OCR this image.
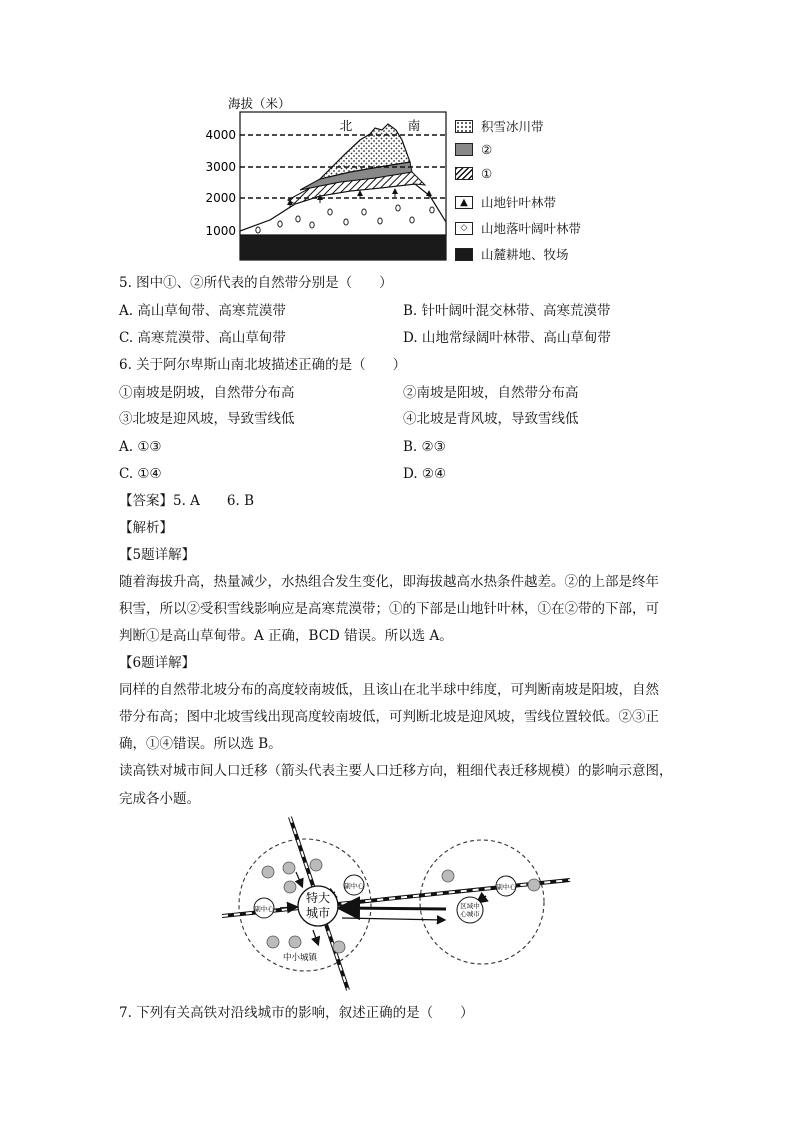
海拔（米）
4000
3000
2000
1000
北	南	积雪冰川带
②
①
▲	山地针叶林带
◇	山地落叶阔叶林带
山麓耕地、牧场
5. 图中①、②所代表的自然带分别是（　　）
A. 高山草甸带、高寒荒漠带	B. 针叶阔叶混交林带、高寒荒漠带
C. 高寒荒漠带、高山草甸带	D. 山地常绿阔叶林带、高山草甸带
6. 关于阿尔卑斯山南北坡描述正确的是（　　）
①南坡是阴坡，自然带分布高	②南坡是阳坡，自然带分布高
③北坡是迎风坡，导致雪线低	④北坡是背风坡，导致雪线低
A. ①③	B. ②③
C. ①④	D. ②④
【答案】5. A　　6. B
【解析】
【5题详解】
随着海拔升高，热量减少，水热组合发生变化，即海拔越高水热条件越差。②的上部是终年
积雪，所以②受积雪线影响应是高寒荒漠带；①的下部是山地针叶林，①在②带的下部，可
判断①是高山草甸带。A 正确，BCD 错误。所以选 A。
【6题详解】
同样的自然带北坡分布的高度较南坡低，且该山在北半球中纬度，可判断南坡是阳坡，自然
带分布高；图中北坡雪线出现高度较南坡低，可判断北坡是迎风坡，雪线位置较低。②③正
确，①④错误。所以选 B。
读高铁对城市间人口迁移（箭头代表主要人口迁移方向，粗细代表迁移规模）的影响示意图，
完成各小题。
特大
城市
副中心
副中心
区域中
心城市
副中心
中小城镇
7. 下列有关高铁对沿线城市的影响，叙述正确的是（　　）
